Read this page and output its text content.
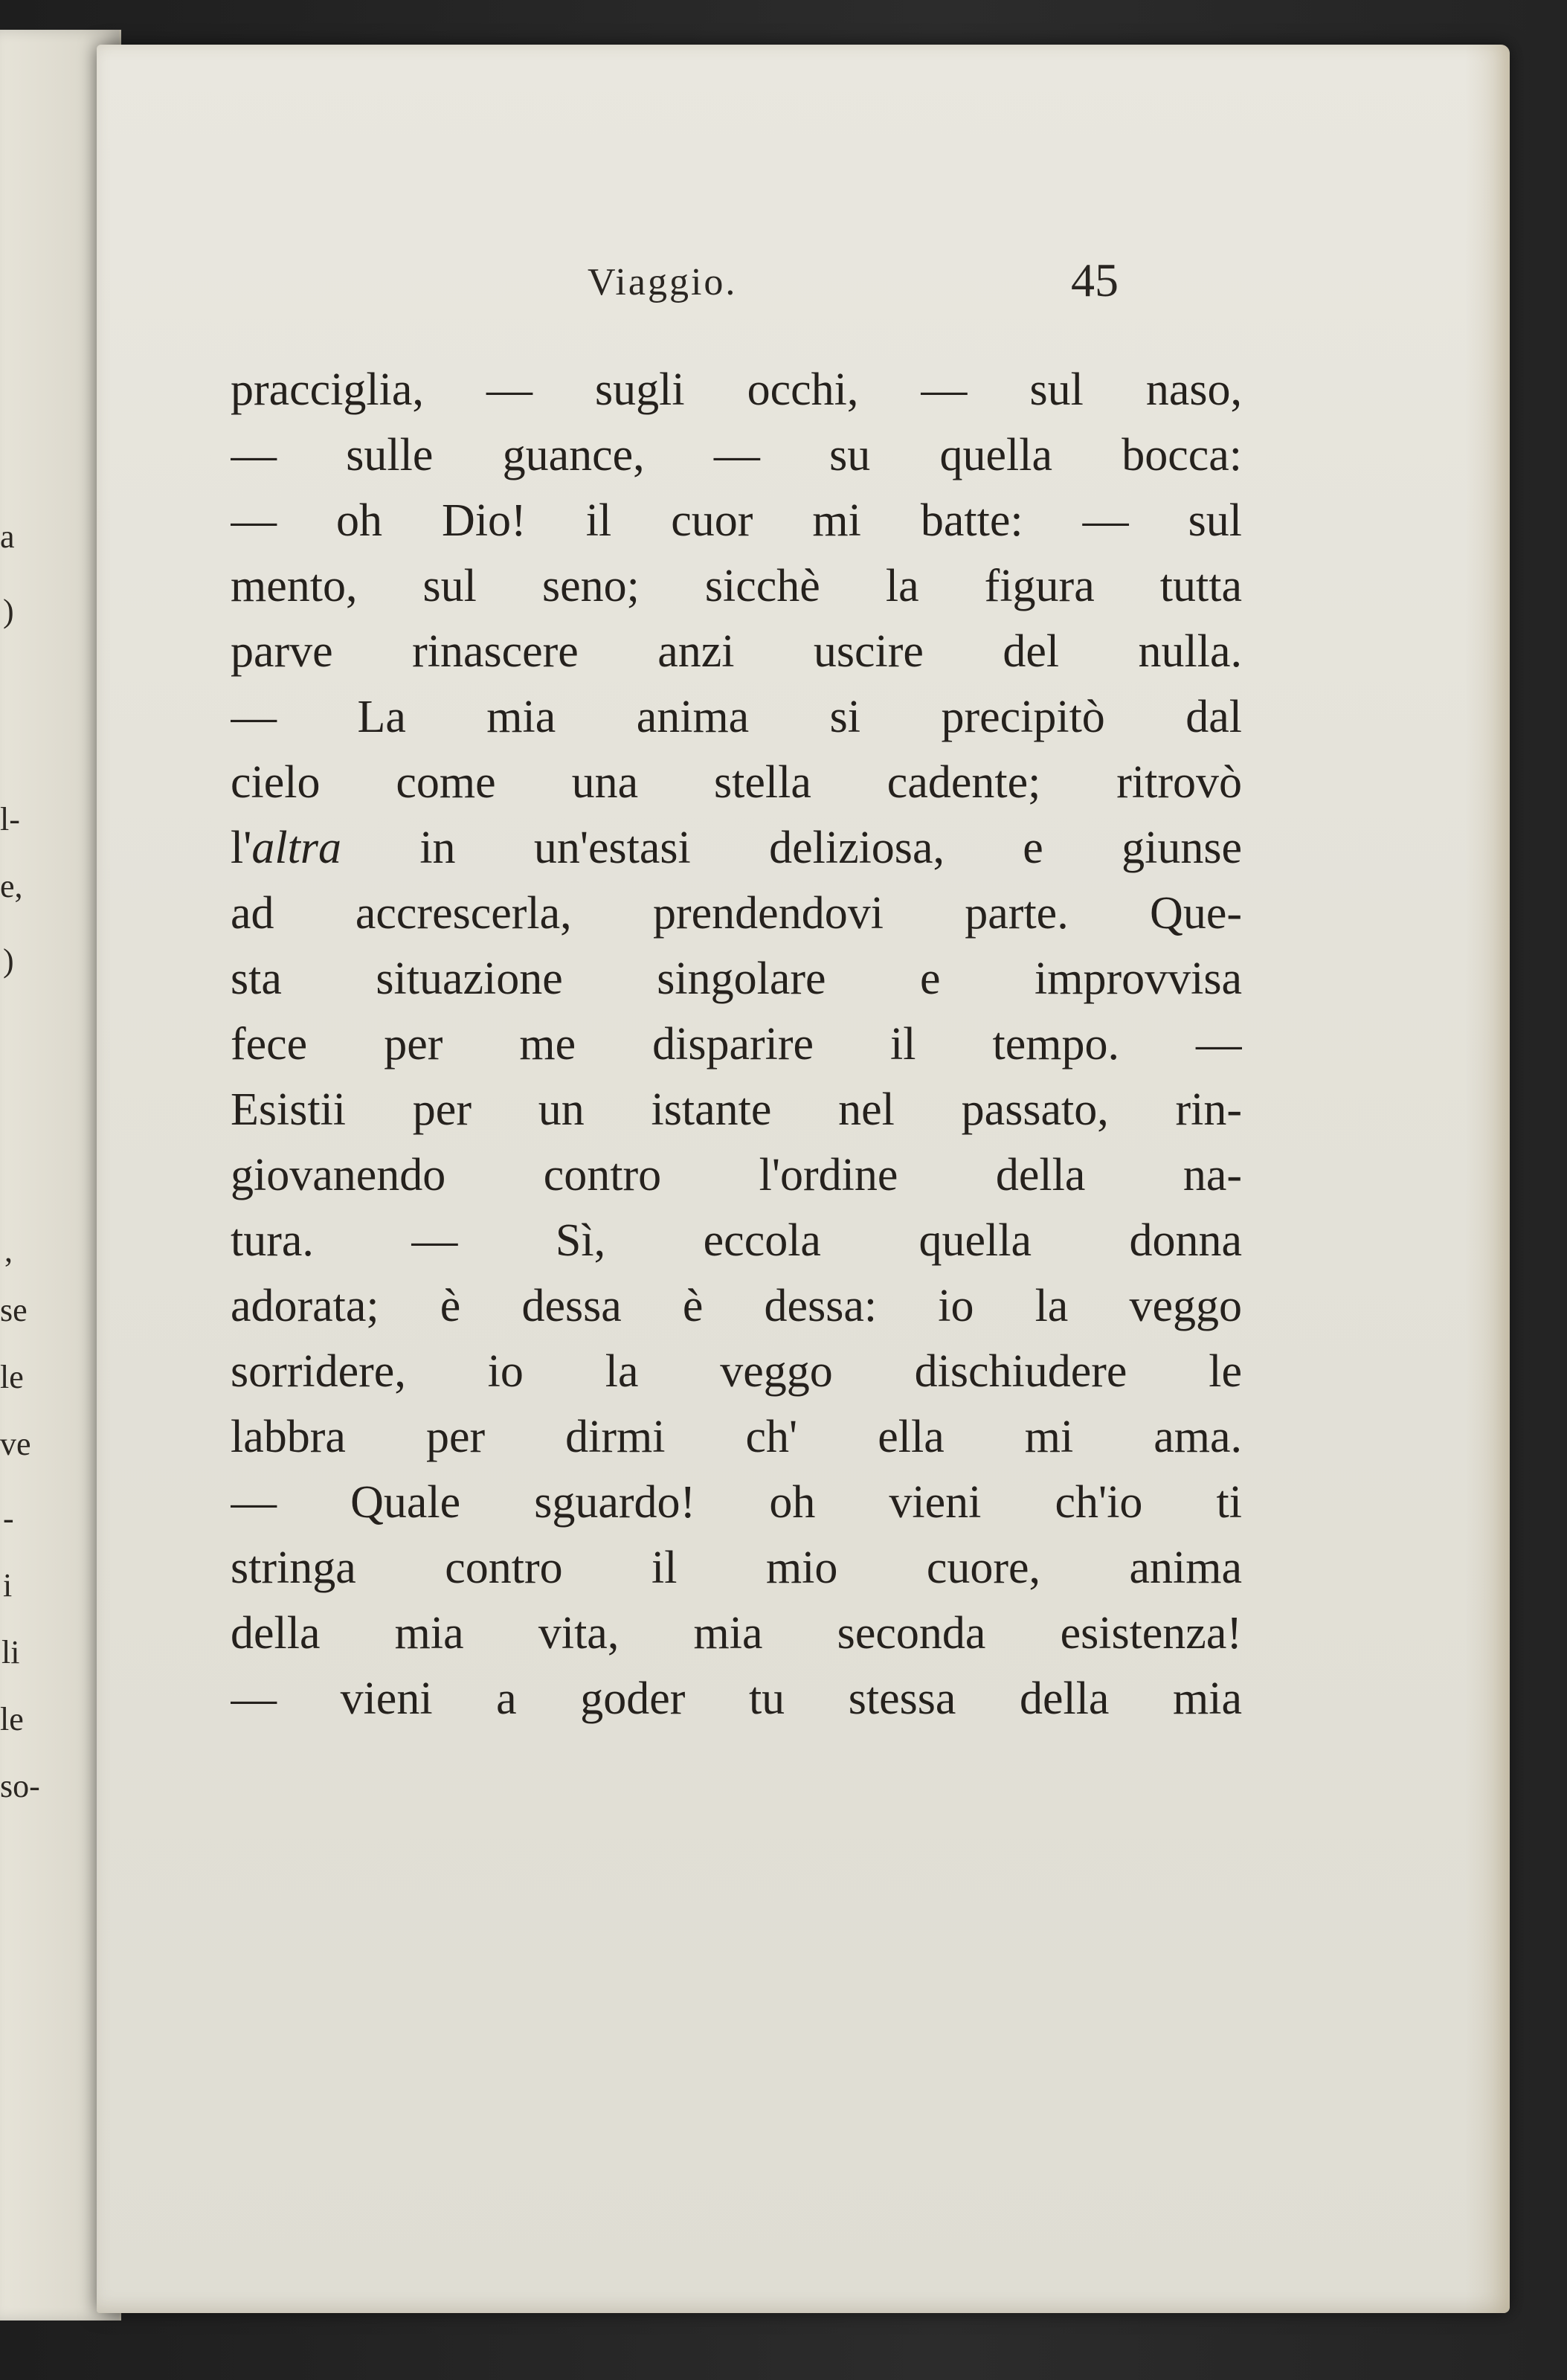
a
)
l-
e,
)
,
se
le
ve
-
i
li
le
so-
Viaggio.	45
pracciglia, — sugli occhi, — sul naso,
— sulle guance, — su quella bocca:
— oh Dio! il cuor mi batte: — sul
mento, sul seno; sicchè la figura tutta
parve rinascere anzi uscire del nulla.
— La mia anima si precipitò dal
cielo come una stella cadente; ritrovò
l'altra in un'estasi deliziosa, e giunse
ad accrescerla, prendendovi parte. Que-
sta situazione singolare e improvvisa
fece per me disparire il tempo. —
Esistii per un istante nel passato, rin-
giovanendo contro l'ordine della na-
tura. — Sì, eccola quella donna
adorata; è dessa è dessa: io la veggo
sorridere, io la veggo dischiudere le
labbra per dirmi ch' ella mi ama.
— Quale sguardo! oh vieni ch'io ti
stringa contro il mio cuore, anima
della mia vita, mia seconda esistenza!
— vieni a goder tu stessa della mia
